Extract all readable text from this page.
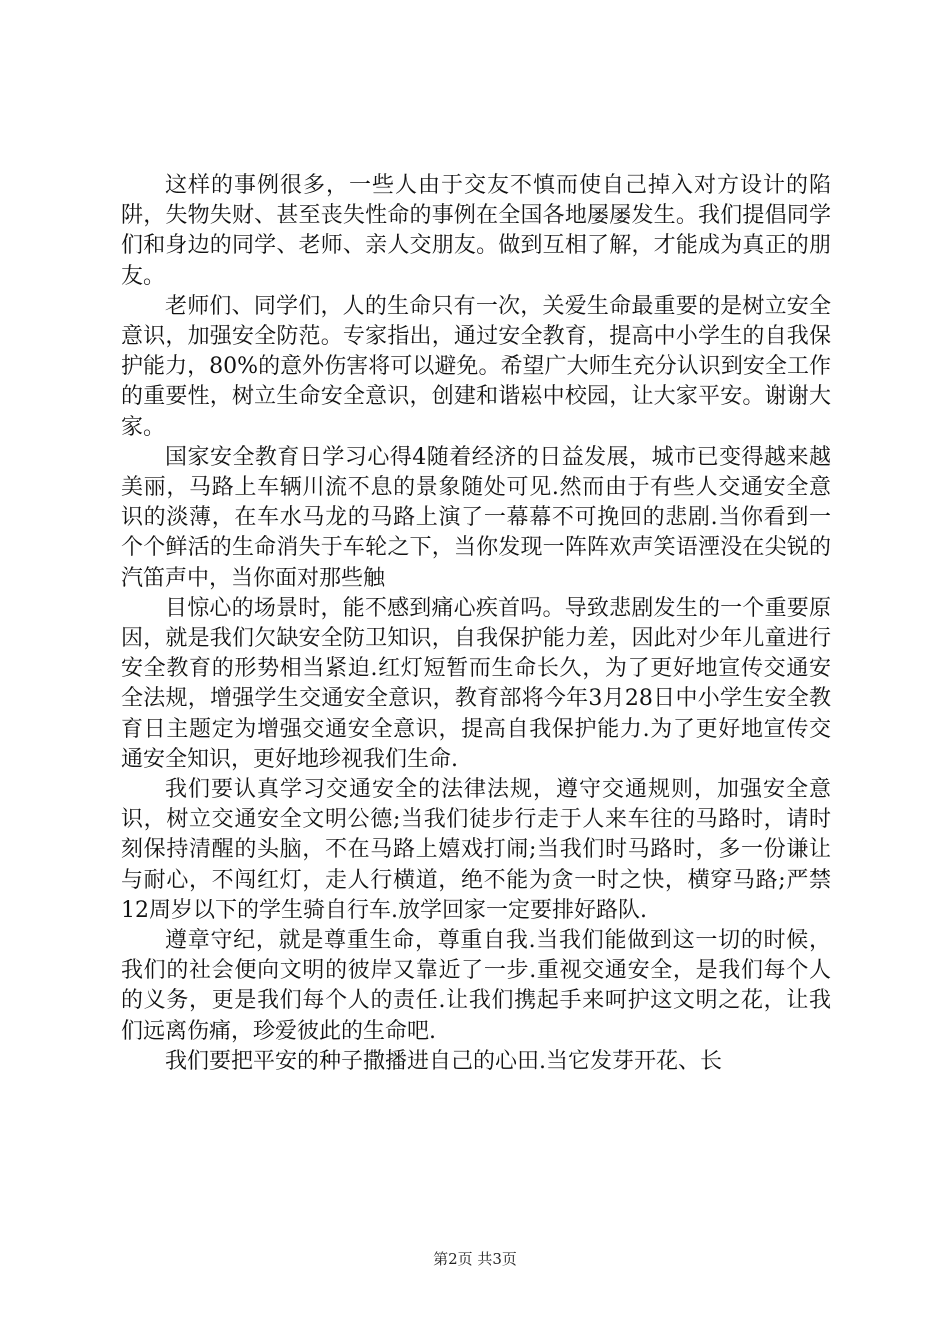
这样的事例很多，一些人由于交友不慎而使自己掉入对方设计的陷阱，失物失财、甚至丧失性命的事例在全国各地屡屡发生。我们提倡同学们和身边的同学、老师、亲人交朋友。做到互相了解，才能成为真正的朋友。

老师们、同学们，人的生命只有一次，关爱生命最重要的是树立安全意识，加强安全防范。专家指出，通过安全教育，提高中小学生的自我保护能力，80%的意外伤害将可以避免。希望广大师生充分认识到安全工作的重要性，树立生命安全意识，创建和谐崧中校园，让大家平安。谢谢大家。

国家安全教育日学习心得4随着经济的日益发展，城市已变得越来越美丽，马路上车辆川流不息的景象随处可见.然而由于有些人交通安全意识的淡薄，在车水马龙的马路上演了一幕幕不可挽回的悲剧.当你看到一个个鲜活的生命消失于车轮之下，当你发现一阵阵欢声笑语湮没在尖锐的汽笛声中，当你面对那些触

目惊心的场景时，能不感到痛心疾首吗。导致悲剧发生的一个重要原因，就是我们欠缺安全防卫知识，自我保护能力差，因此对少年儿童进行安全教育的形势相当紧迫.红灯短暂而生命长久，为了更好地宣传交通安全法规，增强学生交通安全意识，教育部将今年3月28日中小学生安全教育日主题定为增强交通安全意识，提高自我保护能力.为了更好地宣传交通安全知识，更好地珍视我们生命.

我们要认真学习交通安全的法律法规，遵守交通规则，加强安全意识，树立交通安全文明公德;当我们徒步行走于人来车往的马路时，请时刻保持清醒的头脑，不在马路上嬉戏打闹;当我们时马路时，多一份谦让与耐心，不闯红灯，走人行横道，绝不能为贪一时之快，横穿马路;严禁12周岁以下的学生骑自行车.放学回家一定要排好路队.

遵章守纪，就是尊重生命，尊重自我.当我们能做到这一切的时候，我们的社会便向文明的彼岸又靠近了一步.重视交通安全，是我们每个人的义务，更是我们每个人的责任.让我们携起手来呵护这文明之花，让我们远离伤痛，珍爱彼此的生命吧.

我们要把平安的种子撒播进自己的心田.当它发芽开花、长

第2页 共3页
